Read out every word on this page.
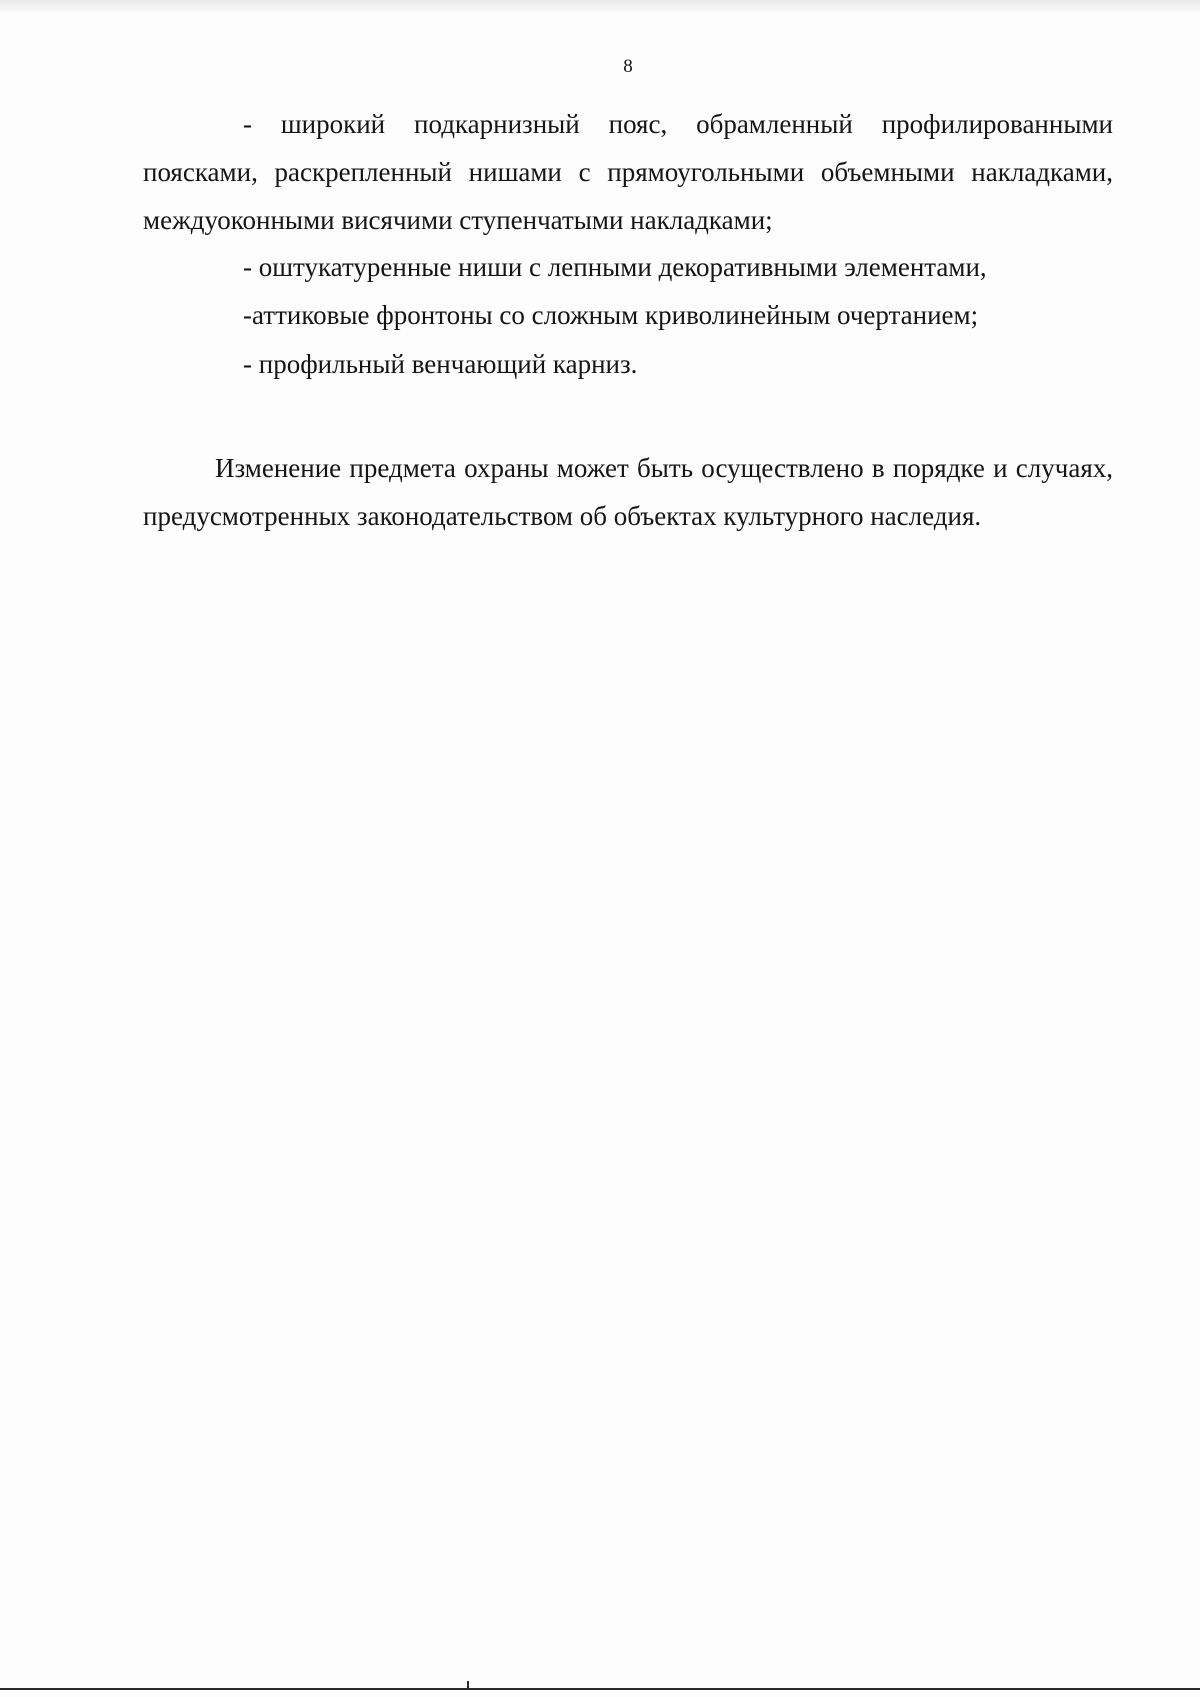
8

- широкий подкарнизный пояс, обрамленный профилированными поясками, раскрепленный нишами с прямоугольными объемными накладками, междуоконными висячими ступенчатыми накладками;

- оштукатуренные ниши с лепными декоративными элементами,

-аттиковые фронтоны со сложным криволинейным очертанием;

- профильный венчающий карниз.

Изменение предмета охраны может быть осуществлено в порядке и случаях, предусмотренных законодательством об объектах культурного наследия.
